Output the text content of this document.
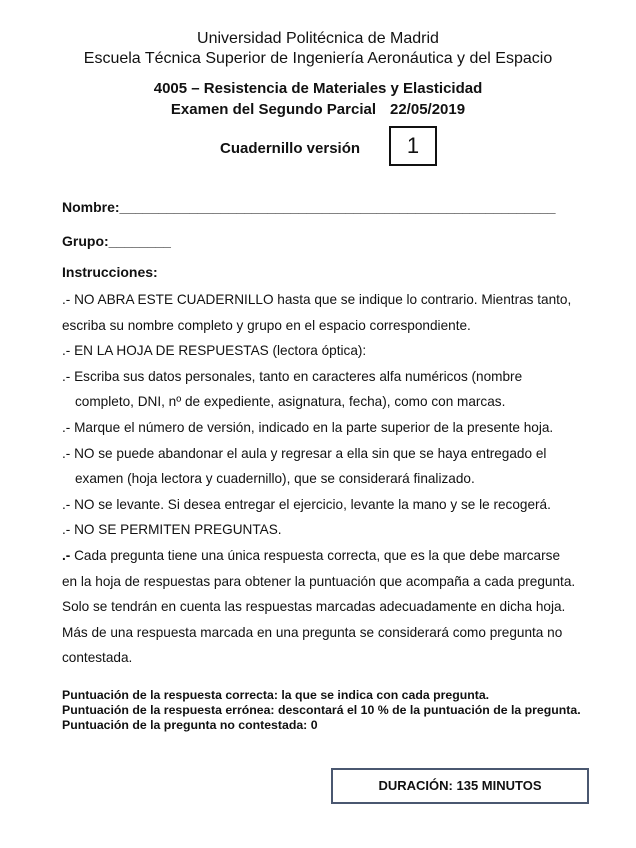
Universidad Politécnica de Madrid
Escuela Técnica Superior de Ingeniería Aeronáutica y del Espacio
4005 – Resistencia de Materiales y Elasticidad
Examen del Segundo Parcial 22/05/2019
Cuadernillo versión	1
Nombre:________________________________________________________
Grupo:________
Instrucciones:
.- NO ABRA ESTE CUADERNILLO hasta que se indique lo contrario. Mientras tanto,
escriba su nombre completo y grupo en el espacio correspondiente.
.- EN LA HOJA DE RESPUESTAS (lectora óptica):
.- Escriba sus datos personales, tanto en caracteres alfa numéricos (nombre
completo, DNI, nº de expediente, asignatura, fecha), como con marcas.
.- Marque el número de versión, indicado en la parte superior de la presente hoja.
.- NO se puede abandonar el aula y regresar a ella sin que se haya entregado el
examen (hoja lectora y cuadernillo), que se considerará finalizado.
.- NO se levante. Si desea entregar el ejercicio, levante la mano y se le recogerá.
.- NO SE PERMITEN PREGUNTAS.
.- Cada pregunta tiene una única respuesta correcta, que es la que debe marcarse
en la hoja de respuestas para obtener la puntuación que acompaña a cada pregunta.
Solo se tendrán en cuenta las respuestas marcadas adecuadamente en dicha hoja.
Más de una respuesta marcada en una pregunta se considerará como pregunta no
contestada.
Puntuación de la respuesta correcta: la que se indica con cada pregunta.
Puntuación de la respuesta errónea: descontará el 10 % de la puntuación de la pregunta.
Puntuación de la pregunta no contestada: 0
DURACIÓN: 135 MINUTOS
